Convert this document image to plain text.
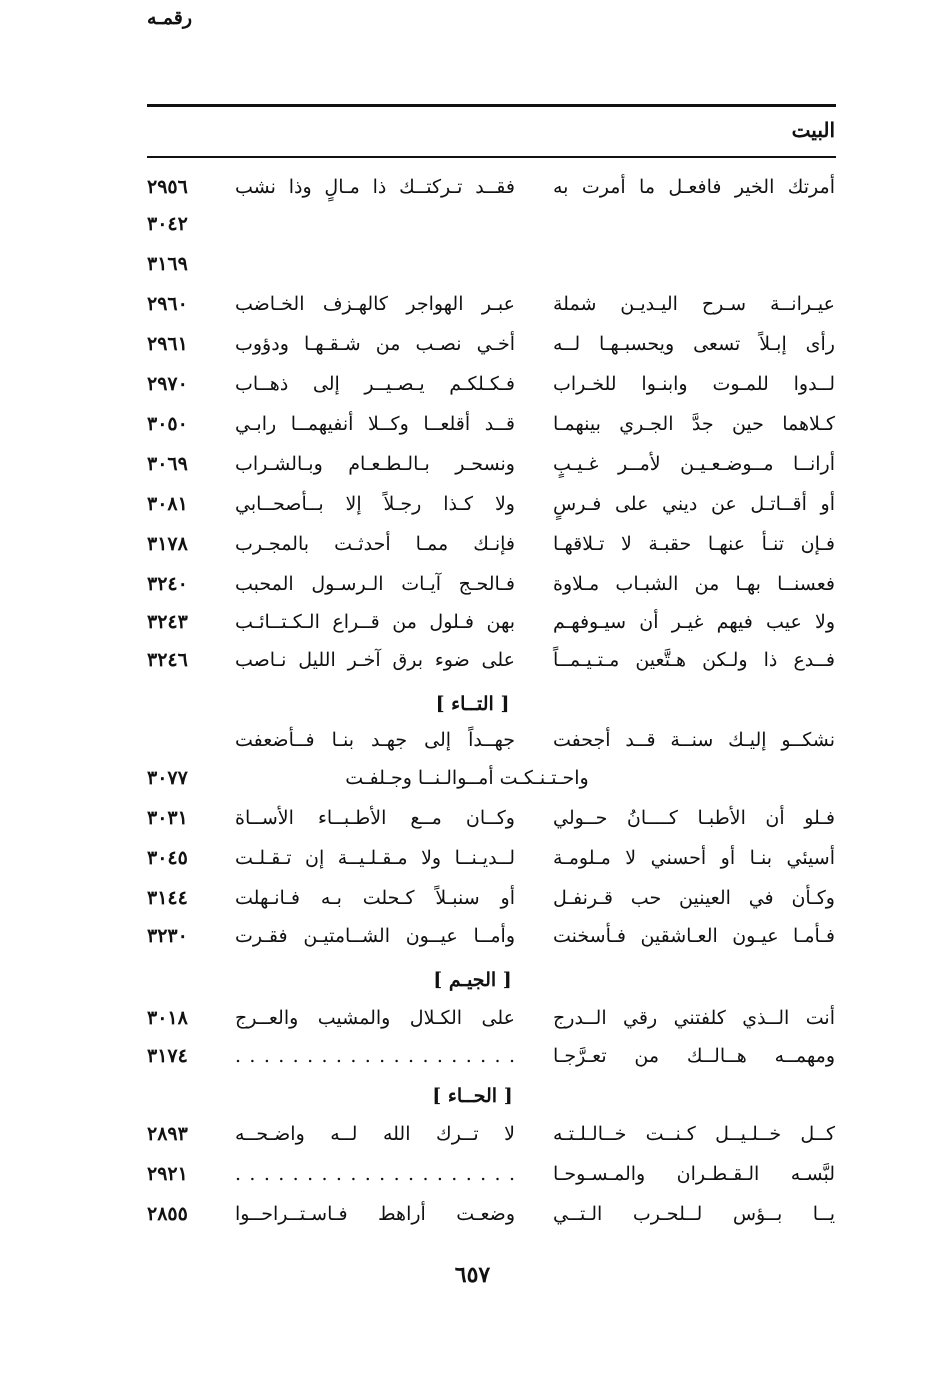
البيت
رقمـه
أمرتك الخير فافعـل ما أمرت به
فقــد تـركتــك ذا مـالٍ وذا نشب
٢٩٥٦
٣٠٤٢
٣١٦٩
عيـرانــة سـرح اليـديـن شملة
عبـر الهواجر كالهـزف الخـاضب
٢٩٦٠
رأى إبـلاً تسعى ويحسبـهـا لــه
أخـي نصـب من شـقـهـا ودؤوب
٢٩٦١
لــدوا للمـوت وابنـوا للخـراب
فـكـلكـم يـصـيــر إلى ذهــاب
٢٩٧٠
كـلاهما حين جدَّ الجـري بينهمـا
قــد أقلعــا وكــلا أنفيهمــا رابـي
٣٠٥٠
أرانــا مــوضـعـيـن لأمــر غـيـبٍ
ونسحـر بـالـطـعـام وبـالشـراب
٣٠٦٩
أو أقــاتـل عن ديني على فـرسٍ
ولا كـذا رجـلاً إلا بــأصحــابي
٣٠٨١
فـإن تنـأ عنهـا حقبـة لا تـلاقهـا
فإنـك ممـا أحدثـت بالمجـرب
٣١٧٨
فعسنــا بهـا من الشبـاب مـلاوة
فـالحـج آيـات الـرسـول المحبب
٣٢٤٠
ولا عيب فيهم غيـر أن سيـوفهـم
بهن فـلول من قــراع الـكـتــائـب
٣٢٤٣
فــدع ذا ولـكن هـتَّعين مـتـيـمــاً
على ضوء برق آخـر الليل نـاصب
٣٢٤٦
[ التــاء ]
نشكــو إليـك سنــة قــد أجحفت
جهــداً إلى جهـد بنـا فــأضعفت
واحـتـنـكـت أمــوالـنــا وجـلفـت
٣٠٧٧
فـلو أن الأطبـا كــــانُ حــولي
وكــان مــع الأطـبــاء الأســاة
٣٠٣١
أسيئي بنـا أو أحسني لا مـلومـة
لــديـنــا ولا مـقـلـيــة إن تـقـلـت
٣٠٤٥
وكـأن في العينين حب قـرنفـل
أو سنبـلاً كـحلت بـه فـانـهلت
٣١٤٤
فـأمـا عيـون العـاشقين فـأسخنت
وأمــا عيــون الشــامتيـن فقـرت
٣٢٣٠
[ الجيـم ]
أنت الــذي كلفتني رقي الــدرج
على الكـلال والمشيب والعــرج
٣٠١٨
ومهمــه هــالــك من تعـرَّجـا
. . . . . . . . . . . . . . . . . . . .
٣١٧٤
[ الحــاء ]
كــل خــلـيــل كـنــت خــالـلـتـه
لا تــرك الله لــه واضـحــه
٢٨٩٣
لبَّسـه الـقـطـران والمـسـوحـا
. . . . . . . . . . . . . . . . . . . .
٢٩٢١
يــا بــؤس لــلحـرب الـتــي
وضعـت أراهط فـاسـتــراحــوا
٢٨٥٥
٦٥٧
